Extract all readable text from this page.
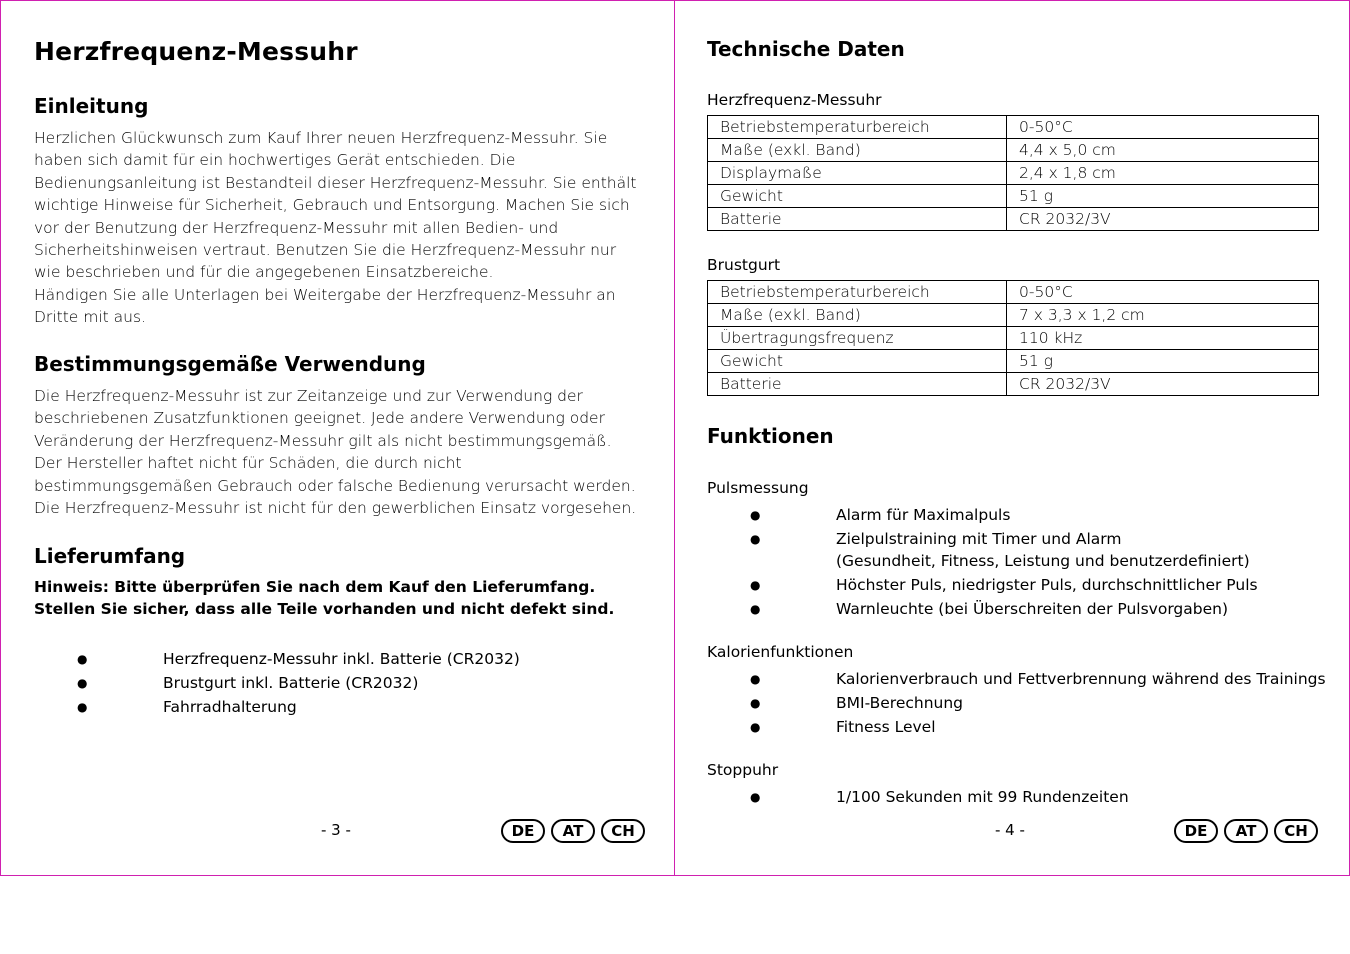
Herzfrequenz-Messuhr
Einleitung

Herzlichen Glückwunsch zum Kauf Ihrer neuen Herzfrequenz-Messuhr. Sie haben sich damit für ein hochwertiges Gerät entschieden. Die Bedienungsanleitung ist Bestandteil dieser Herzfrequenz-Messuhr. Sie enthält wichtige Hinweise für Sicherheit, Gebrauch und Entsorgung. Machen Sie sich vor der Benutzung der Herzfrequenz-Messuhr mit allen Bedien- und Sicherheitshinweisen vertraut. Benutzen Sie die Herzfrequenz-Messuhr nur wie beschrieben und für die angegebenen Einsatzbereiche.

Händigen Sie alle Unterlagen bei Weitergabe der Herzfrequenz-Messuhr an Dritte mit aus.

Bestimmungsgemäße Verwendung

Die Herzfrequenz-Messuhr ist zur Zeitanzeige und zur Verwendung der beschriebenen Zusatzfunktionen geeignet. Jede andere Verwendung oder Veränderung der Herzfrequenz-Messuhr gilt als nicht bestimmungsgemäß. Der Hersteller haftet nicht für Schäden, die durch nicht bestimmungsgemäßen Gebrauch oder falsche Bedienung verursacht werden. Die Herzfrequenz-Messuhr ist nicht für den gewerblichen Einsatz vorgesehen.

Lieferumfang

Hinweis: Bitte überprüfen Sie nach dem Kauf den Lieferumfang. Stellen Sie sicher, dass alle Teile vorhanden und nicht defekt sind.

●	Herzfrequenz-Messuhr inkl. Batterie (CR2032)
●	Brustgurt inkl. Batterie (CR2032)
●	Fahrradhalterung
- 3 -	DE	AT	CH
Technische Daten
Herzfrequenz-Messuhr
Betriebstemperaturbereich	0-50°C
Maße (exkl. Band)	4,4 x 5,0 cm
Displaymaße	2,4 x 1,8 cm
Gewicht	51 g
Batterie	CR 2032/3V
Brustgurt
Betriebstemperaturbereich	0-50°C
Maße (exkl. Band)	7 x 3,3 x 1,2 cm
Übertragungsfrequenz	110 kHz
Gewicht	51 g
Batterie	CR 2032/3V
Funktionen
Pulsmessung
●	Alarm für Maximalpuls
●	Zielpulstraining mit Timer und Alarm
(Gesundheit, Fitness, Leistung und benutzerdefiniert)
●	Höchster Puls, niedrigster Puls, durchschnittlicher Puls
●	Warnleuchte (bei Überschreiten der Pulsvorgaben)
Kalorienfunktionen
●	Kalorienverbrauch und Fettverbrennung während des Trainings
●	BMI-Berechnung
●	Fitness Level
Stoppuhr
●	1/100 Sekunden mit 99 Rundenzeiten
- 4 -	DE	AT	CH
